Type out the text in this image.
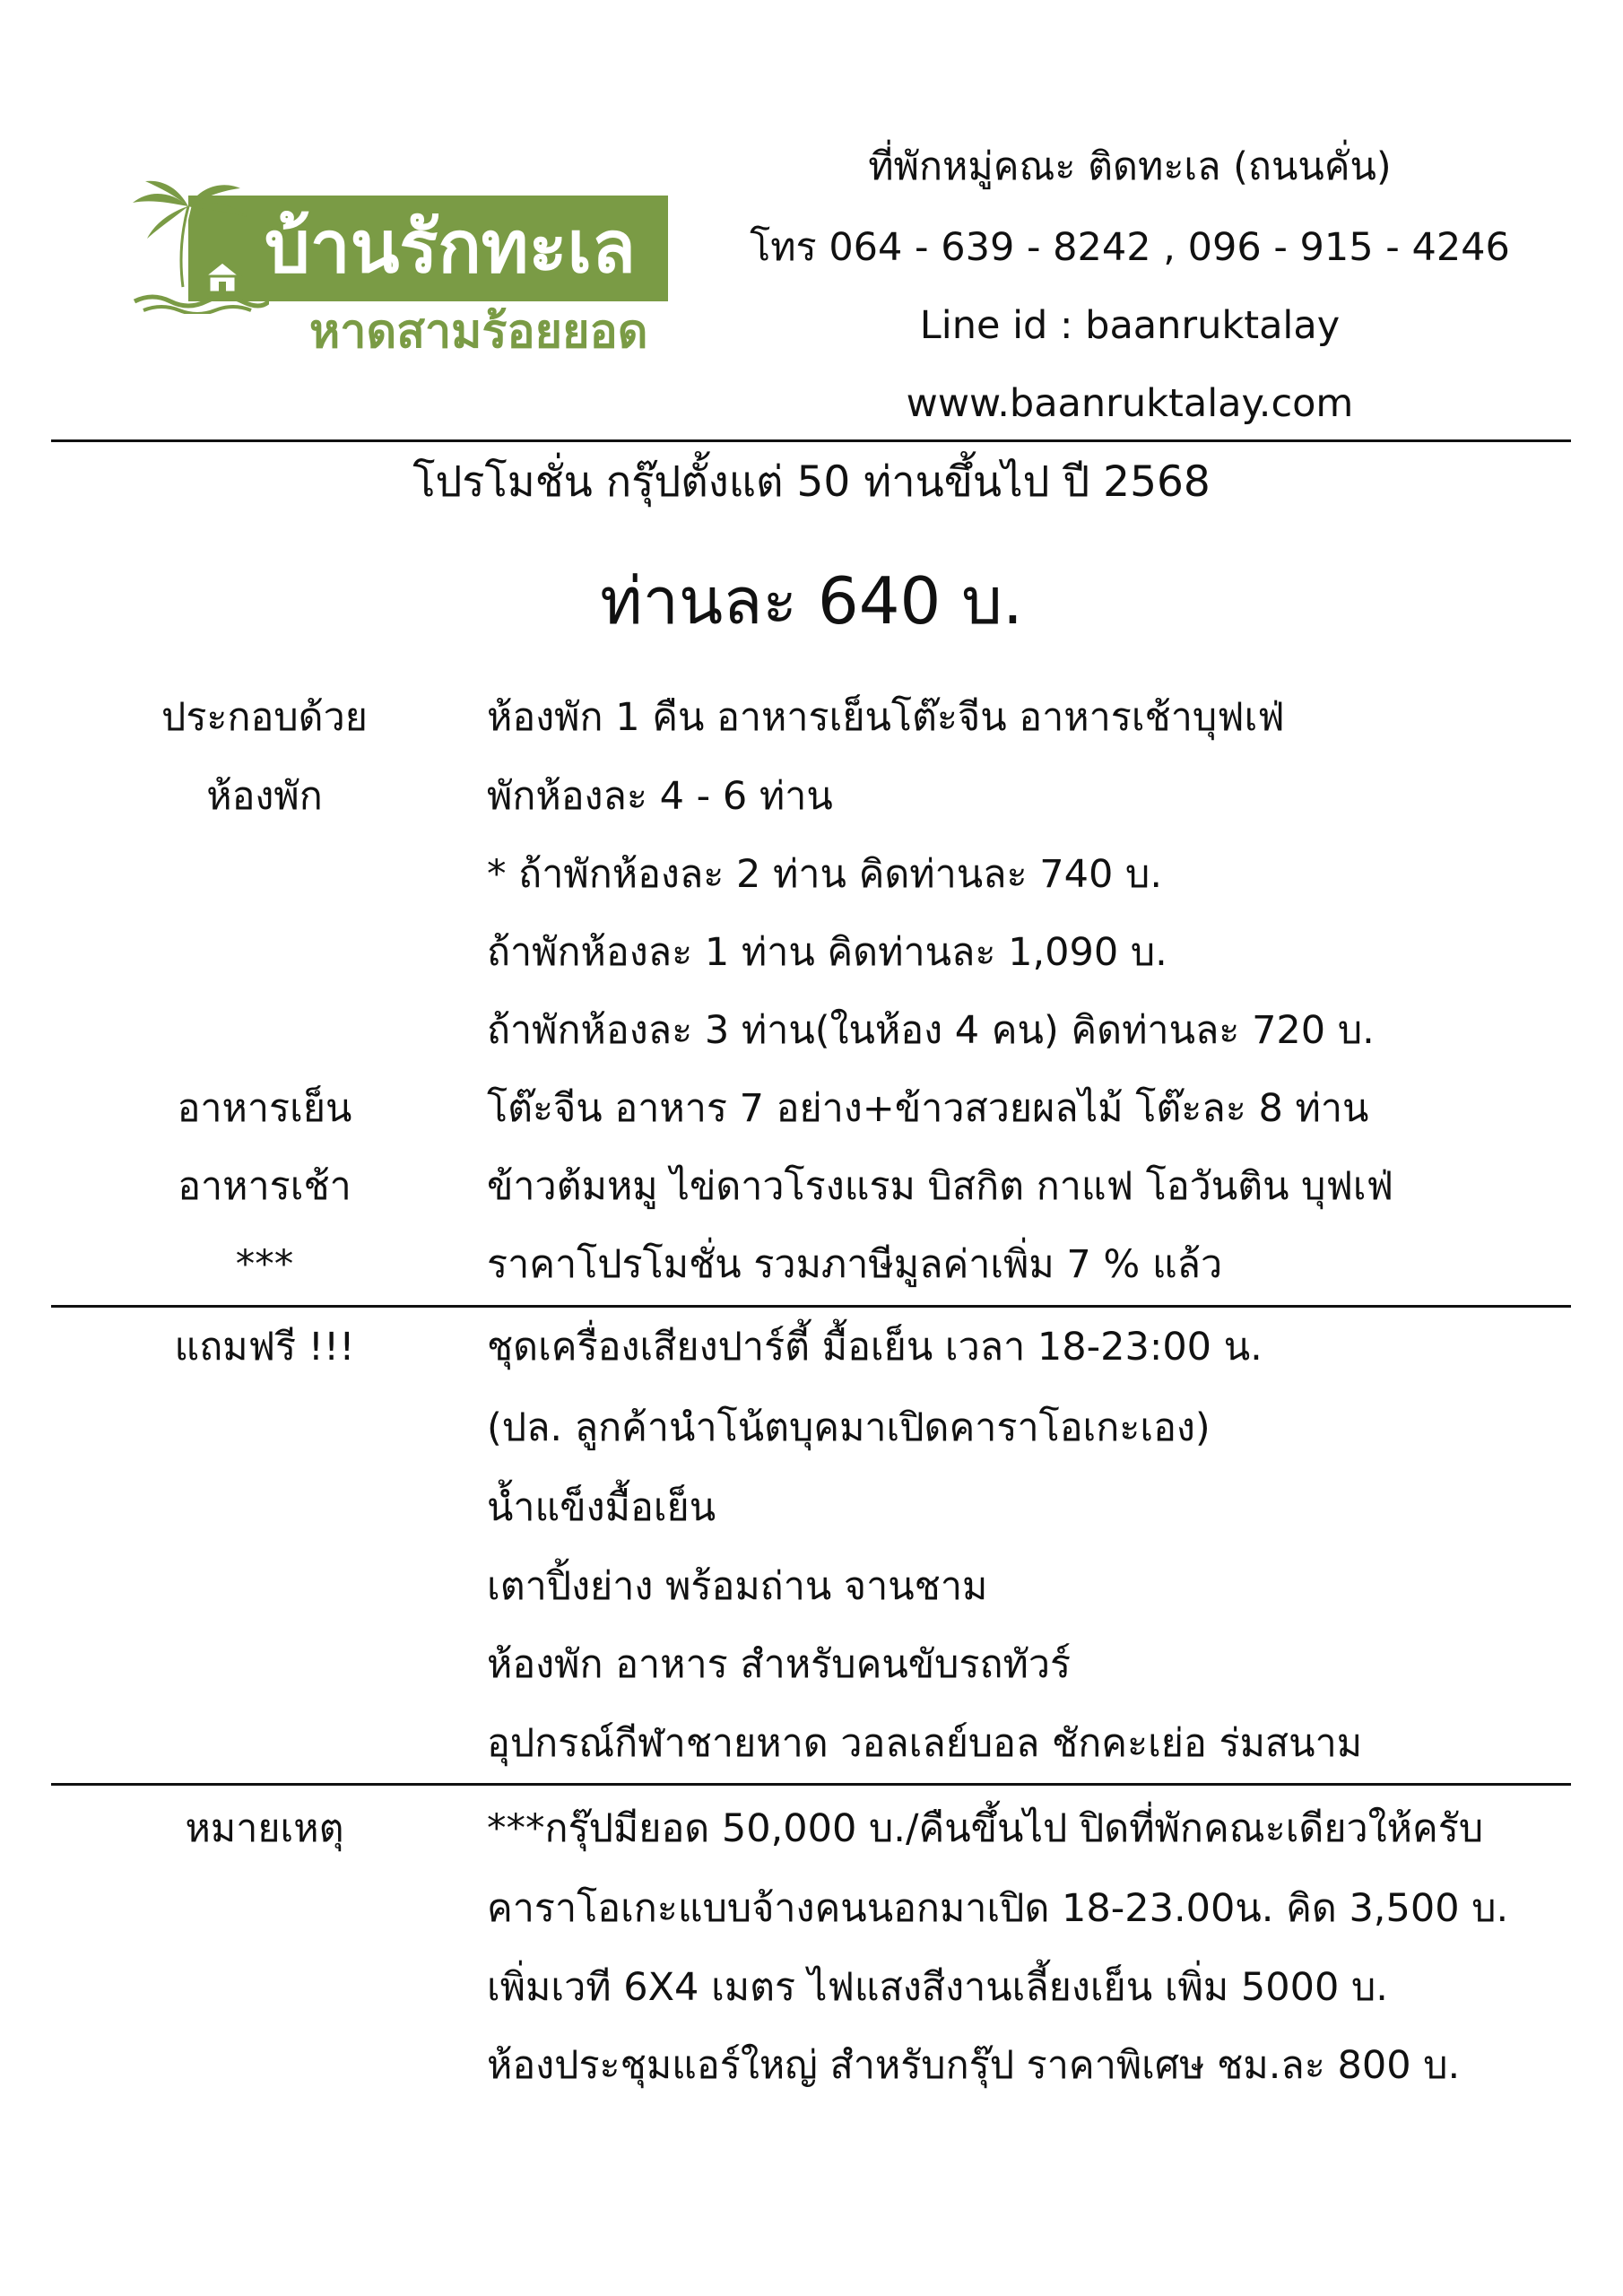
บ้านรักทะเล
หาดสามร้อยยอด
ที่พักหมู่คณะ ติดทะเล (ถนนคั่น)
โทร 064 - 639 - 8242 , 096 - 915 - 4246
Line id : baanruktalay
www.baanruktalay.com
โปรโมชั่น กรุ๊ปตั้งแต่ 50 ท่านขึ้นไป ปี 2568
ท่านละ 640 บ.
ประกอบด้วย	ห้องพัก 1 คืน อาหารเย็นโต๊ะจีน อาหารเช้าบุฟเฟ่
ห้องพัก	พักห้องละ 4 - 6 ท่าน
* ถ้าพักห้องละ 2 ท่าน คิดท่านละ 740 บ.
ถ้าพักห้องละ 1 ท่าน คิดท่านละ 1,090 บ.
ถ้าพักห้องละ 3 ท่าน(ในห้อง 4 คน) คิดท่านละ 720 บ.
อาหารเย็น	โต๊ะจีน อาหาร 7 อย่าง+ข้าวสวยผลไม้ โต๊ะละ 8 ท่าน
อาหารเช้า	ข้าวต้มหมู ไข่ดาวโรงแรม บิสกิต กาแฟ โอวันติน บุฟเฟ่
***	ราคาโปรโมชั่น รวมภาษีมูลค่าเพิ่ม 7 % แล้ว
แถมฟรี !!!	ชุดเครื่องเสียงปาร์ตี้ มื้อเย็น เวลา 18-23:00 น.
(ปล. ลูกค้านำโน้ตบุคมาเปิดคาราโอเกะเอง)
น้ำแข็งมื้อเย็น
เตาปิ้งย่าง พร้อมถ่าน จานชาม
ห้องพัก อาหาร สำหรับคนขับรถทัวร์
อุปกรณ์กีฬาชายหาด วอลเลย์บอล ชักคะเย่อ ร่มสนาม
หมายเหตุ	***กรุ๊ปมียอด 50,000 บ./คืนขึ้นไป ปิดที่พักคณะเดียวให้ครับ
คาราโอเกะแบบจ้างคนนอกมาเปิด 18-23.00น. คิด 3,500 บ.
เพิ่มเวที 6X4 เมตร ไฟแสงสีงานเลี้ยงเย็น เพิ่ม 5000 บ.
ห้องประชุมแอร์ใหญ่ สำหรับกรุ๊ป ราคาพิเศษ ชม.ละ 800 บ.
